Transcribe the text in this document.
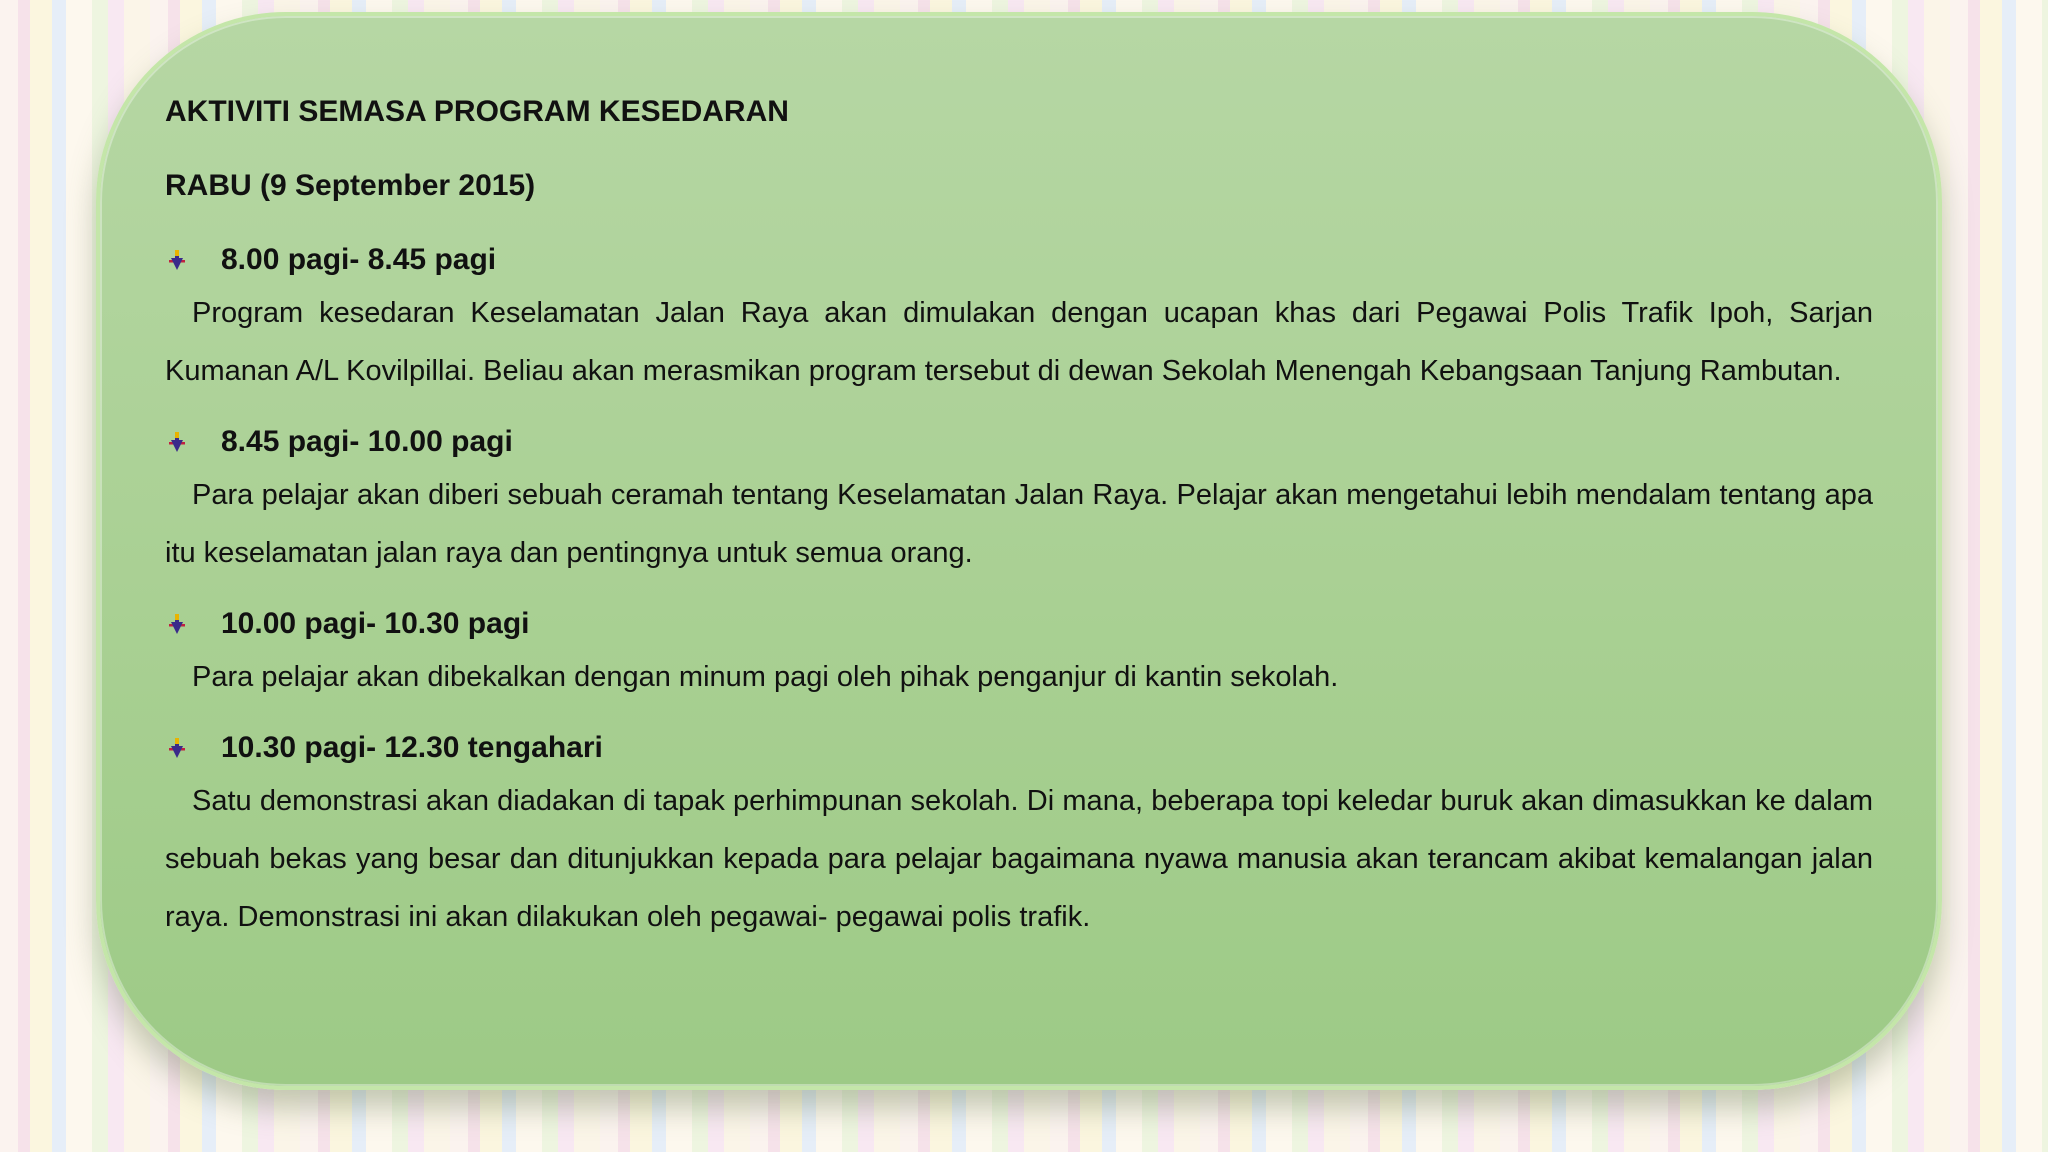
AKTIVITI SEMASA PROGRAM KESEDARAN

RABU (9 September 2015)

8.00 pagi- 8.45 pagi

Program kesedaran Keselamatan Jalan Raya akan dimulakan dengan ucapan khas dari Pegawai Polis Trafik Ipoh, Sarjan Kumanan A/L Kovilpillai. Beliau akan merasmikan program tersebut di dewan Sekolah Menengah Kebangsaan Tanjung Rambutan.

8.45 pagi- 10.00 pagi

Para pelajar akan diberi sebuah ceramah tentang Keselamatan Jalan Raya. Pelajar akan mengetahui lebih mendalam tentang apa itu keselamatan jalan raya dan pentingnya untuk semua orang.

10.00 pagi- 10.30 pagi

Para pelajar akan dibekalkan dengan minum pagi oleh pihak penganjur di kantin sekolah.

10.30 pagi- 12.30 tengahari

Satu demonstrasi akan diadakan di tapak perhimpunan sekolah. Di mana, beberapa topi keledar buruk akan dimasukkan ke dalam sebuah bekas yang besar dan ditunjukkan kepada para pelajar bagaimana nyawa manusia akan terancam akibat kemalangan jalan raya. Demonstrasi ini akan dilakukan oleh pegawai- pegawai polis trafik.
